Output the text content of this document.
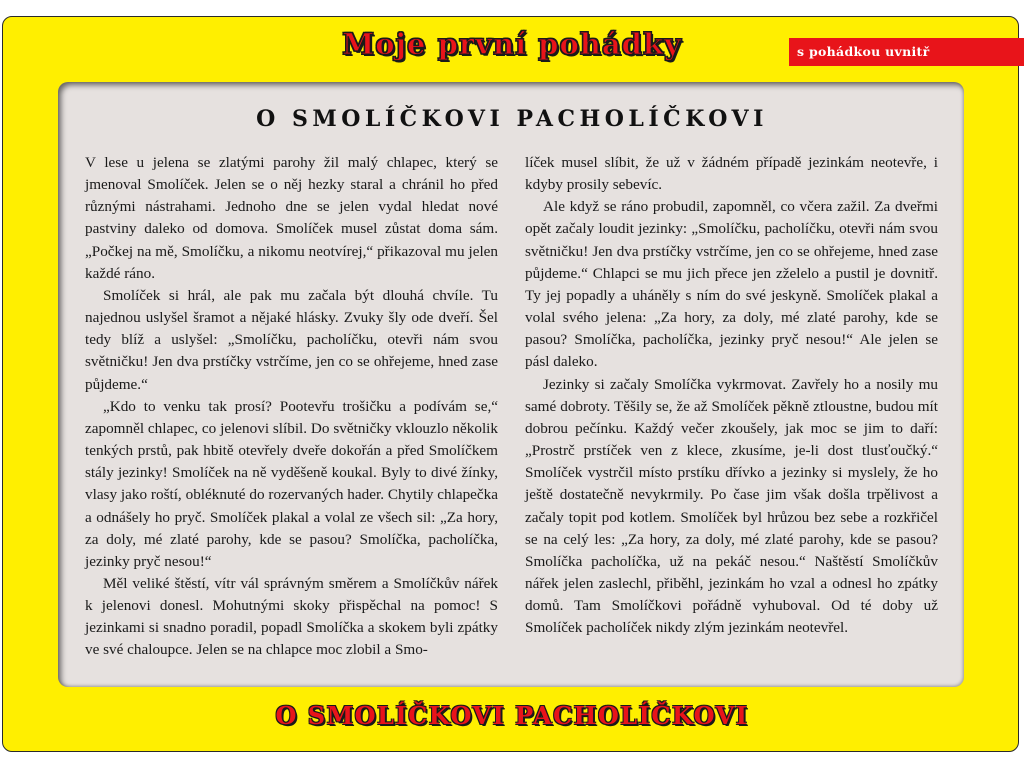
Moje první pohádky	s pohádkou uvnitř
O SMOLÍČKOVI PACHOLÍČKOVI

V lese u jelena se zlatými parohy žil malý chlapec, který se jmenoval Smolíček. Jelen se o něj hezky staral a chránil ho před různými nástrahami. Jednoho dne se jelen vydal hledat nové pastviny daleko od domova. Smolíček musel zůstat doma sám. „Počkej na mě, Smolíčku, a nikomu neotvírej,“ přikazoval mu jelen každé ráno.

Smolíček si hrál, ale pak mu začala být dlouhá chvíle. Tu najednou uslyšel šramot a nějaké hlásky. Zvuky šly ode dveří. Šel tedy blíž a uslyšel: „Smolíčku, pacholíčku, otevři nám svou světničku! Jen dva prstíčky vstrčíme, jen co se ohřejeme, hned zase půjdeme.“

„Kdo to venku tak prosí? Pootevřu trošičku a podívám se,“ zapomněl chlapec, co jelenovi slíbil. Do světničky vklouzlo několik tenkých prstů, pak hbitě otevřely dveře dokořán a před Smolíčkem stály jezinky! Smolíček na ně vyděšeně koukal. Byly to divé žínky, vlasy jako roští, obléknuté do rozervaných hader. Chytily chlapečka a odnášely ho pryč. Smolíček plakal a volal ze všech sil: „Za hory, za doly, mé zlaté parohy, kde se pasou? Smolíčka, pacholíčka, jezinky pryč nesou!“

Měl veliké štěstí, vítr vál správným směrem a Smolíčkův nářek k jelenovi donesl. Mohutnými skoky přispěchal na pomoc! S jezinkami si snadno poradil, popadl Smolíčka a skokem byli zpátky ve své chaloupce. Jelen se na chlapce moc zlobil a Smo-

líček musel slíbit, že už v žádném případě jezinkám neotevře, i kdyby prosily sebevíc.

Ale když se ráno probudil, zapomněl, co včera zažil. Za dveřmi opět začaly loudit jezinky: „Smolíčku, pacholíčku, otevři nám svou světničku! Jen dva prstíčky vstrčíme, jen co se ohřejeme, hned zase půjdeme.“ Chlapci se mu jich přece jen zželelo a pustil je dovnitř. Ty jej popadly a uháněly s ním do své jeskyně. Smolíček plakal a volal svého jelena: „Za hory, za doly, mé zlaté parohy, kde se pasou? Smolíčka, pacholíčka, jezinky pryč nesou!“ Ale jelen se pásl daleko.

Jezinky si začaly Smolíčka vykrmovat. Zavřely ho a nosily mu samé dobroty. Těšily se, že až Smolíček pěkně ztloustne, budou mít dobrou pečínku. Každý večer zkoušely, jak moc se jim to daří: „Prostrč prstíček ven z klece, zkusíme, je-li dost tlusťoučký.“ Smolíček vystrčil místo prstíku dřívko a jezinky si myslely, že ho ještě dostatečně nevykrmily. Po čase jim však došla trpělivost a začaly topit pod kotlem. Smolíček byl hrůzou bez sebe a rozkřičel se na celý les: „Za hory, za doly, mé zlaté parohy, kde se pasou? Smolíčka pacholíčka, už na pekáč nesou.“ Naštěstí Smolíčkův nářek jelen zaslechl, přiběhl, jezinkám ho vzal a odnesl ho zpátky domů. Tam Smolíčkovi pořádně vyhuboval. Od té doby už Smolíček pacholíček nikdy zlým jezinkám neotevřel.

O SMOLÍČKOVI PACHOLÍČKOVI
